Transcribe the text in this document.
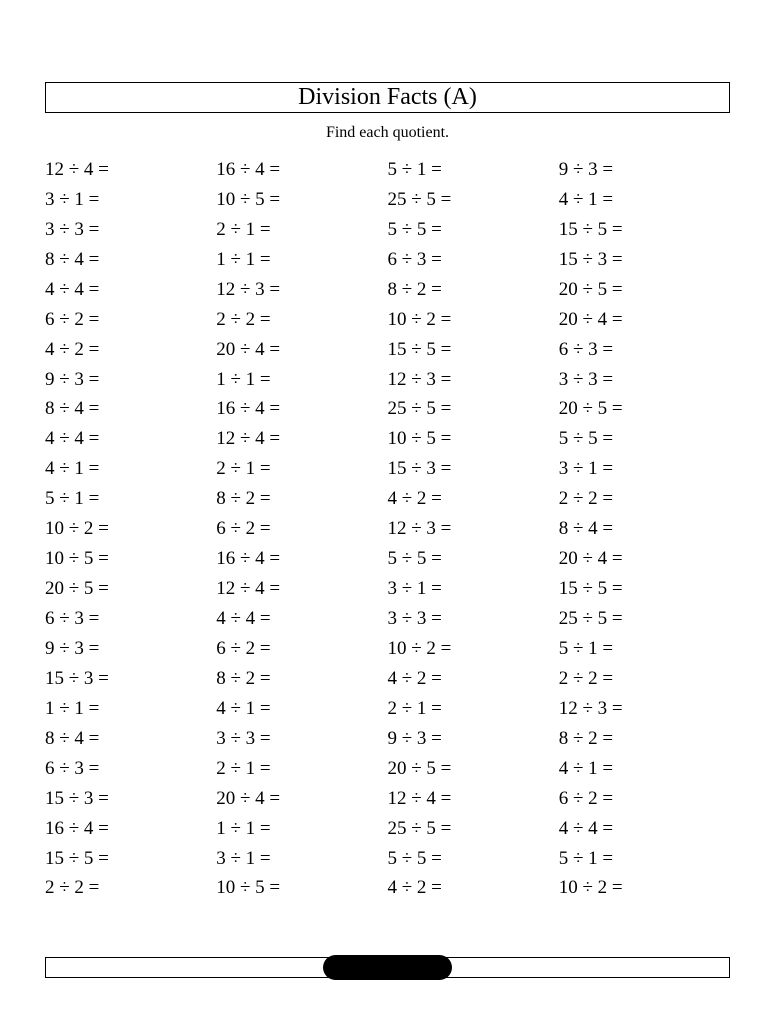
Division Facts (A)
Find each quotient.
12 ÷ 4 =	16 ÷ 4 =	5 ÷ 1 =	9 ÷ 3 =
3 ÷ 1 =	10 ÷ 5 =	25 ÷ 5 =	4 ÷ 1 =
3 ÷ 3 =	2 ÷ 1 =	5 ÷ 5 =	15 ÷ 5 =
8 ÷ 4 =	1 ÷ 1 =	6 ÷ 3 =	15 ÷ 3 =
4 ÷ 4 =	12 ÷ 3 =	8 ÷ 2 =	20 ÷ 5 =
6 ÷ 2 =	2 ÷ 2 =	10 ÷ 2 =	20 ÷ 4 =
4 ÷ 2 =	20 ÷ 4 =	15 ÷ 5 =	6 ÷ 3 =
9 ÷ 3 =	1 ÷ 1 =	12 ÷ 3 =	3 ÷ 3 =
8 ÷ 4 =	16 ÷ 4 =	25 ÷ 5 =	20 ÷ 5 =
4 ÷ 4 =	12 ÷ 4 =	10 ÷ 5 =	5 ÷ 5 =
4 ÷ 1 =	2 ÷ 1 =	15 ÷ 3 =	3 ÷ 1 =
5 ÷ 1 =	8 ÷ 2 =	4 ÷ 2 =	2 ÷ 2 =
10 ÷ 2 =	6 ÷ 2 =	12 ÷ 3 =	8 ÷ 4 =
10 ÷ 5 =	16 ÷ 4 =	5 ÷ 5 =	20 ÷ 4 =
20 ÷ 5 =	12 ÷ 4 =	3 ÷ 1 =	15 ÷ 5 =
6 ÷ 3 =	4 ÷ 4 =	3 ÷ 3 =	25 ÷ 5 =
9 ÷ 3 =	6 ÷ 2 =	10 ÷ 2 =	5 ÷ 1 =
15 ÷ 3 =	8 ÷ 2 =	4 ÷ 2 =	2 ÷ 2 =
1 ÷ 1 =	4 ÷ 1 =	2 ÷ 1 =	12 ÷ 3 =
8 ÷ 4 =	3 ÷ 3 =	9 ÷ 3 =	8 ÷ 2 =
6 ÷ 3 =	2 ÷ 1 =	20 ÷ 5 =	4 ÷ 1 =
15 ÷ 3 =	20 ÷ 4 =	12 ÷ 4 =	6 ÷ 2 =
16 ÷ 4 =	1 ÷ 1 =	25 ÷ 5 =	4 ÷ 4 =
15 ÷ 5 =	3 ÷ 1 =	5 ÷ 5 =	5 ÷ 1 =
2 ÷ 2 =	10 ÷ 5 =	4 ÷ 2 =	10 ÷ 2 =
